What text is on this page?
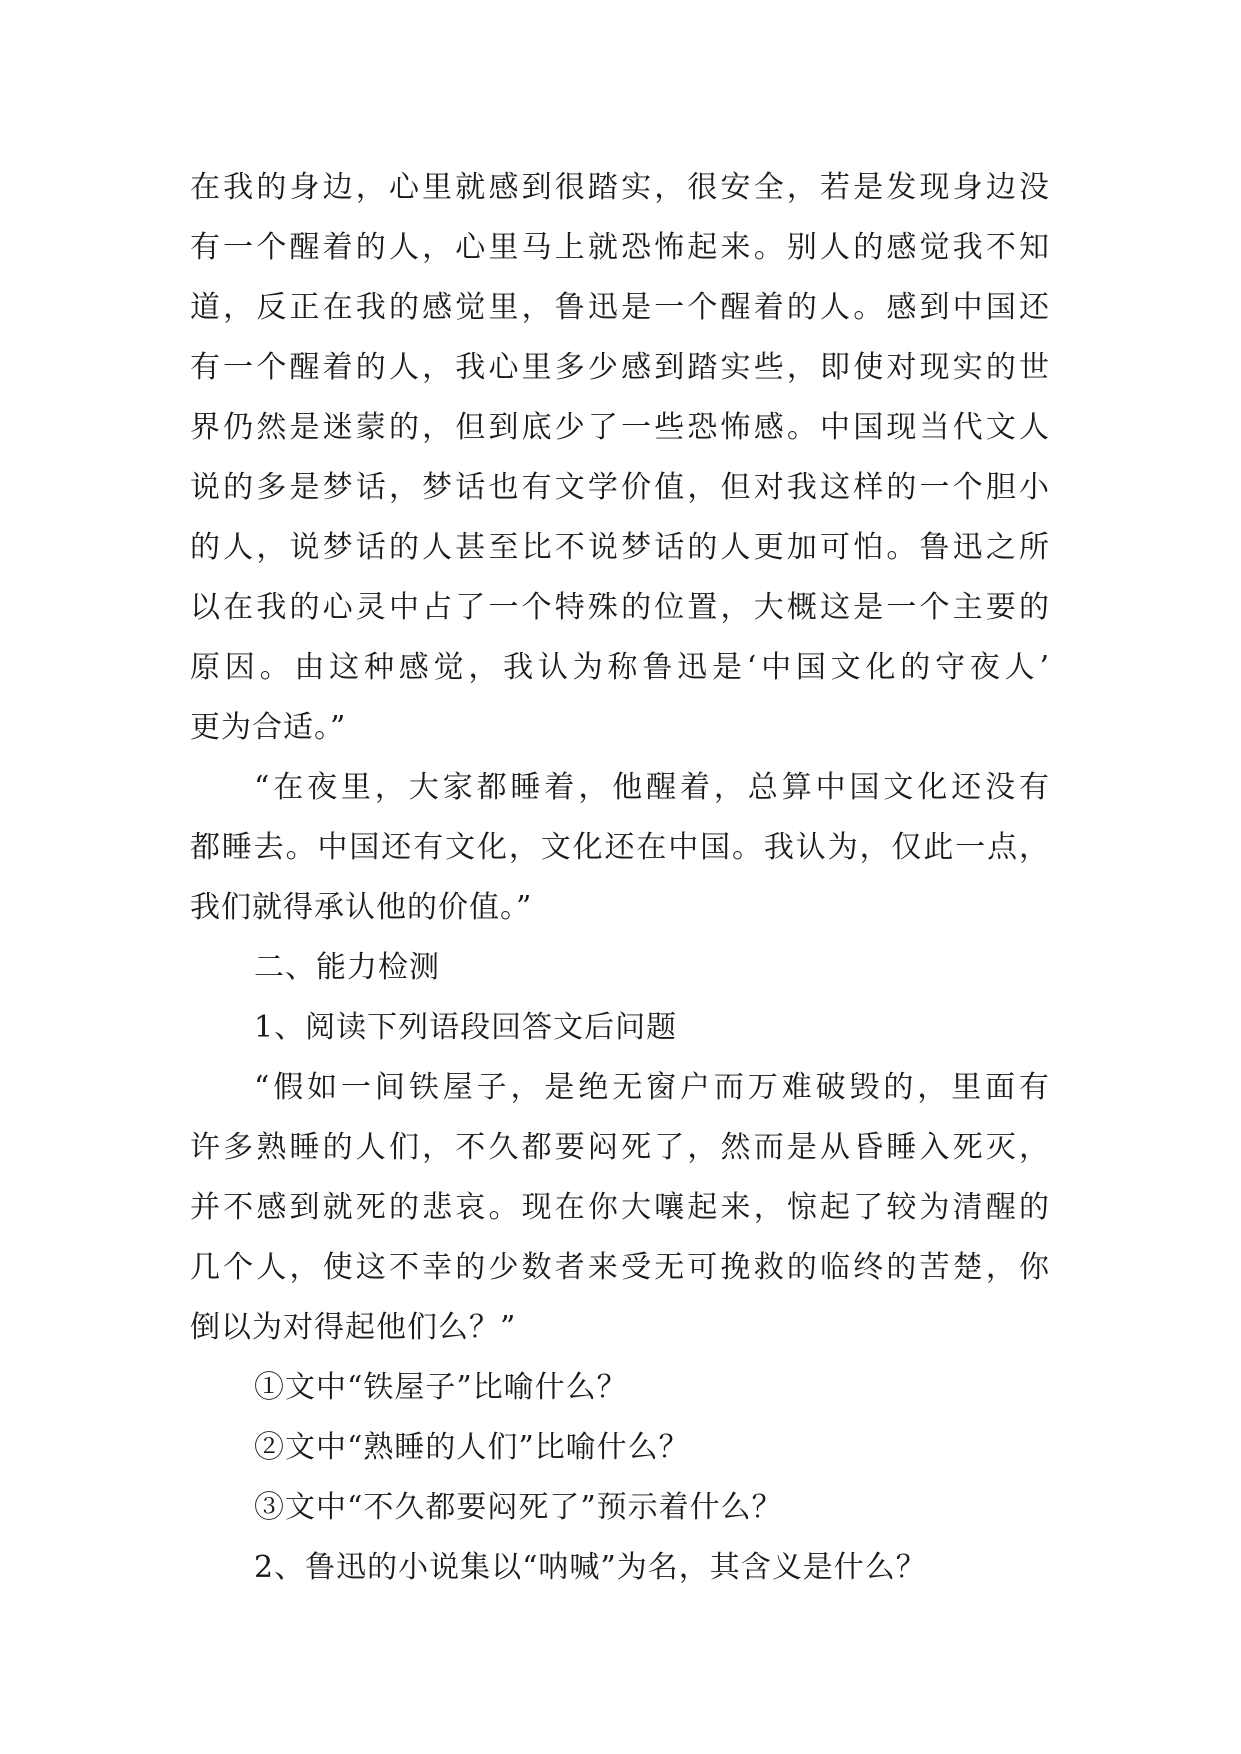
在我的身边，心里就感到很踏实，很安全，若是发现身边没
有一个醒着的人，心里马上就恐怖起来。别人的感觉我不知
道，反正在我的感觉里，鲁迅是一个醒着的人。感到中国还
有一个醒着的人，我心里多少感到踏实些，即使对现实的世
界仍然是迷蒙的，但到底少了一些恐怖感。中国现当代文人
说的多是梦话，梦话也有文学价值，但对我这样的一个胆小
的人，说梦话的人甚至比不说梦话的人更加可怕。鲁迅之所
以在我的心灵中占了一个特殊的位置，大概这是一个主要的
原因。由这种感觉，我认为称鲁迅是‘中国文化的守夜人’
更为合适。”
“在夜里，大家都睡着，他醒着，总算中国文化还没有
都睡去。中国还有文化，文化还在中国。我认为，仅此一点，
我们就得承认他的价值。”
二、能力检测
1、阅读下列语段回答文后问题
“假如一间铁屋子，是绝无窗户而万难破毁的，里面有
许多熟睡的人们，不久都要闷死了，然而是从昏睡入死灭，
并不感到就死的悲哀。现在你大嚷起来，惊起了较为清醒的
几个人，使这不幸的少数者来受无可挽救的临终的苦楚，你
倒以为对得起他们么？”
①文中“铁屋子”比喻什么？
②文中“熟睡的人们”比喻什么？
③文中“不久都要闷死了”预示着什么？
2、鲁迅的小说集以“呐喊”为名，其含义是什么？
